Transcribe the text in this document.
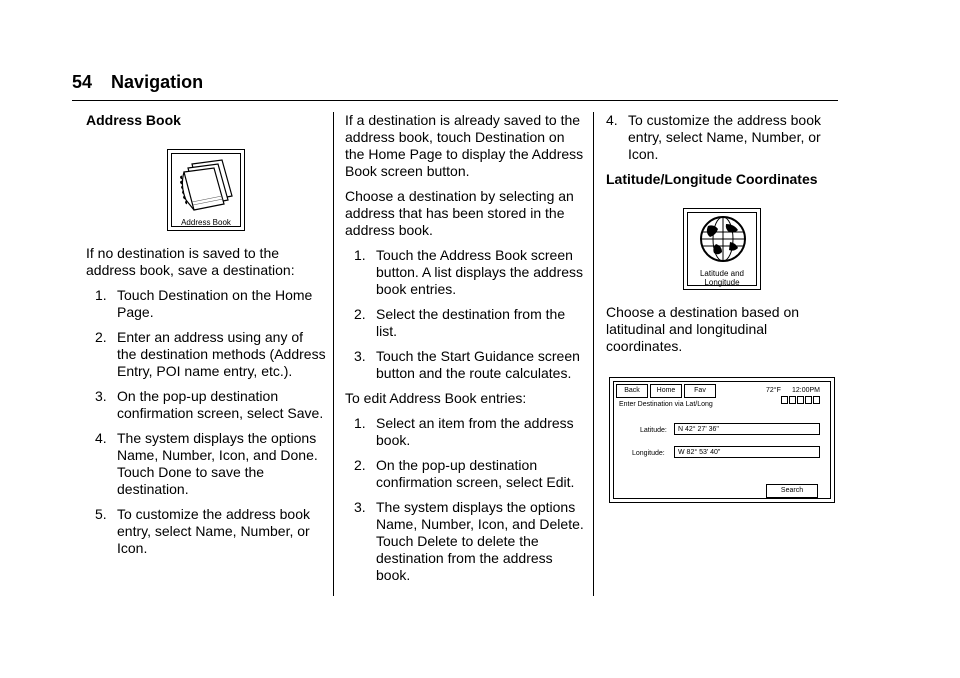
54 Navigation
Address Book
Address Book

If no destination is saved to the address book, save a destination:

1. Touch Destination on the Home Page.
2. Enter an address using any of the destination methods (Address Entry, POI name entry, etc.).
3. On the pop-up destination confirmation screen, select Save.
4. The system displays the options Name, Number, Icon, and Done. Touch Done to save the destination.
5. To customize the address book entry, select Name, Number, or Icon.

If a destination is already saved to the address book, touch Destination on the Home Page to display the Address Book screen button.

Choose a destination by selecting an address that has been stored in the address book.

1. Touch the Address Book screen button. A list displays the address book entries.
2. Select the destination from the list.
3. Touch the Start Guidance screen button and the route calculates.

To edit Address Book entries:

1. Select an item from the address book.
2. On the pop-up destination confirmation screen, select Edit.
3. The system displays the options Name, Number, Icon, and Delete. Touch Delete to delete the destination from the address book.
4. To customize the address book entry, select Name, Number, or Icon.
Latitude/Longitude Coordinates
Latitude and
Longitude

Choose a destination based on latitudinal and longitudinal coordinates.

Back	Home	Fav	72°F 12:00PM
Enter Destination via Lat/Long
Latitude:	N 42° 27' 36"
Longitude:	W 82° 53' 40"
Search
